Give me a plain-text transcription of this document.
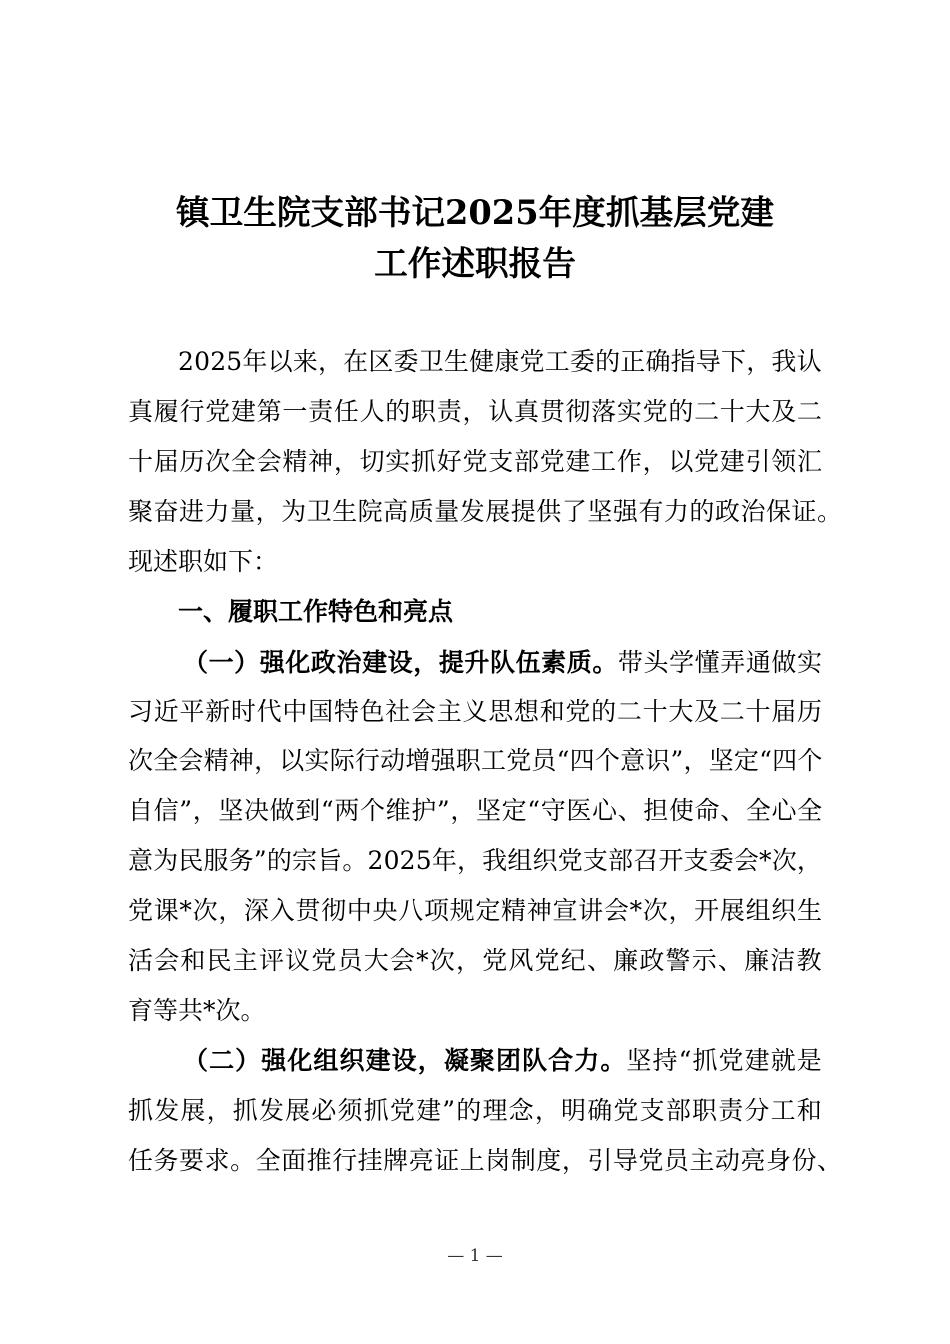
镇卫生院支部书记2025年度抓基层党建
工作述职报告
2025年以来，在区委卫生健康党工委的正确指导下，我认
真履行党建第一责任人的职责，认真贯彻落实党的二十大及二
十届历次全会精神，切实抓好党支部党建工作，以党建引领汇
聚奋进力量，为卫生院高质量发展提供了坚强有力的政治保证。
现述职如下：
一、履职工作特色和亮点
（一）强化政治建设，提升队伍素质。带头学懂弄通做实
习近平新时代中国特色社会主义思想和党的二十大及二十届历
次全会精神，以实际行动增强职工党员“四个意识”，坚定“四个
自信”，坚决做到“两个维护”，坚定“守医心、担使命、全心全
意为民服务”的宗旨。2025年，我组织党支部召开支委会*次，
党课*次，深入贯彻中央八项规定精神宣讲会*次，开展组织生
活会和民主评议党员大会*次，党风党纪、廉政警示、廉洁教
育等共*次。
（二）强化组织建设，凝聚团队合力。坚持“抓党建就是
抓发展，抓发展必须抓党建”的理念，明确党支部职责分工和
任务要求。全面推行挂牌亮证上岗制度，引导党员主动亮身份、
— 1 —
